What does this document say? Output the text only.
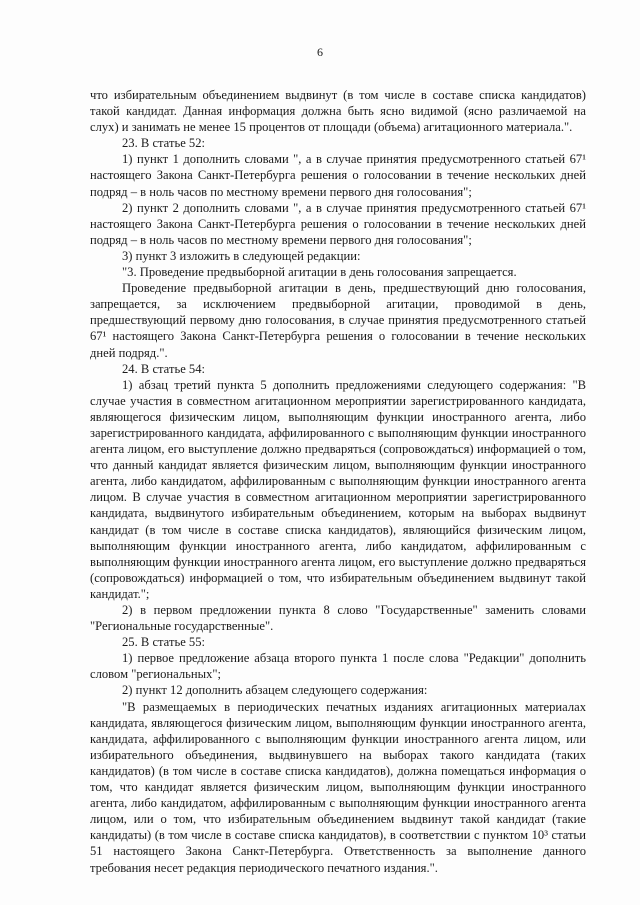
6

что избирательным объединением выдвинут (в том числе в составе списка кандидатов) такой кандидат. Данная информация должна быть ясно видимой (ясно различаемой на слух) и занимать не менее 15 процентов от площади (объема) агитационного материала.".

23. В статье 52:

1) пункт 1 дополнить словами ", а в случае принятия предусмотренного статьей 67¹ настоящего Закона Санкт-Петербурга решения о голосовании в течение нескольких дней подряд – в ноль часов по местному времени первого дня голосования";

2) пункт 2 дополнить словами ", а в случае принятия предусмотренного статьей 67¹ настоящего Закона Санкт-Петербурга решения о голосовании в течение нескольких дней подряд – в ноль часов по местному времени первого дня голосования";

3) пункт 3 изложить в следующей редакции:

"3. Проведение предвыборной агитации в день голосования запрещается.

Проведение предвыборной агитации в день, предшествующий дню голосования, запрещается, за исключением предвыборной агитации, проводимой в день, предшествующий первому дню голосования, в случае принятия предусмотренного статьей 67¹ настоящего Закона Санкт-Петербурга решения о голосовании в течение нескольких дней подряд.".

24. В статье 54:

1) абзац третий пункта 5 дополнить предложениями следующего содержания: "В случае участия в совместном агитационном мероприятии зарегистрированного кандидата, являющегося физическим лицом, выполняющим функции иностранного агента, либо зарегистрированного кандидата, аффилированного с выполняющим функции иностранного агента лицом, его выступление должно предваряться (сопровождаться) информацией о том, что данный кандидат является физическим лицом, выполняющим функции иностранного агента, либо кандидатом, аффилированным с выполняющим функции иностранного агента лицом. В случае участия в совместном агитационном мероприятии зарегистрированного кандидата, выдвинутого избирательным объединением, которым на выборах выдвинут кандидат (в том числе в составе списка кандидатов), являющийся физическим лицом, выполняющим функции иностранного агента, либо кандидатом, аффилированным с выполняющим функции иностранного агента лицом, его выступление должно предваряться (сопровождаться) информацией о том, что избирательным объединением выдвинут такой кандидат.";

2) в первом предложении пункта 8 слово "Государственные" заменить словами "Региональные государственные".

25. В статье 55:

1) первое предложение абзаца второго пункта 1 после слова "Редакции" дополнить словом "региональных";

2) пункт 12 дополнить абзацем следующего содержания:

"В размещаемых в периодических печатных изданиях агитационных материалах кандидата, являющегося физическим лицом, выполняющим функции иностранного агента, кандидата, аффилированного с выполняющим функции иностранного агента лицом, или избирательного объединения, выдвинувшего на выборах такого кандидата (таких кандидатов) (в том числе в составе списка кандидатов), должна помещаться информация о том, что кандидат является физическим лицом, выполняющим функции иностранного агента, либо кандидатом, аффилированным с выполняющим функции иностранного агента лицом, или о том, что избирательным объединением выдвинут такой кандидат (такие кандидаты) (в том числе в составе списка кандидатов), в соответствии с пунктом 10³ статьи 51 настоящего Закона Санкт-Петербурга. Ответственность за выполнение данного требования несет редакция периодического печатного издания.".
